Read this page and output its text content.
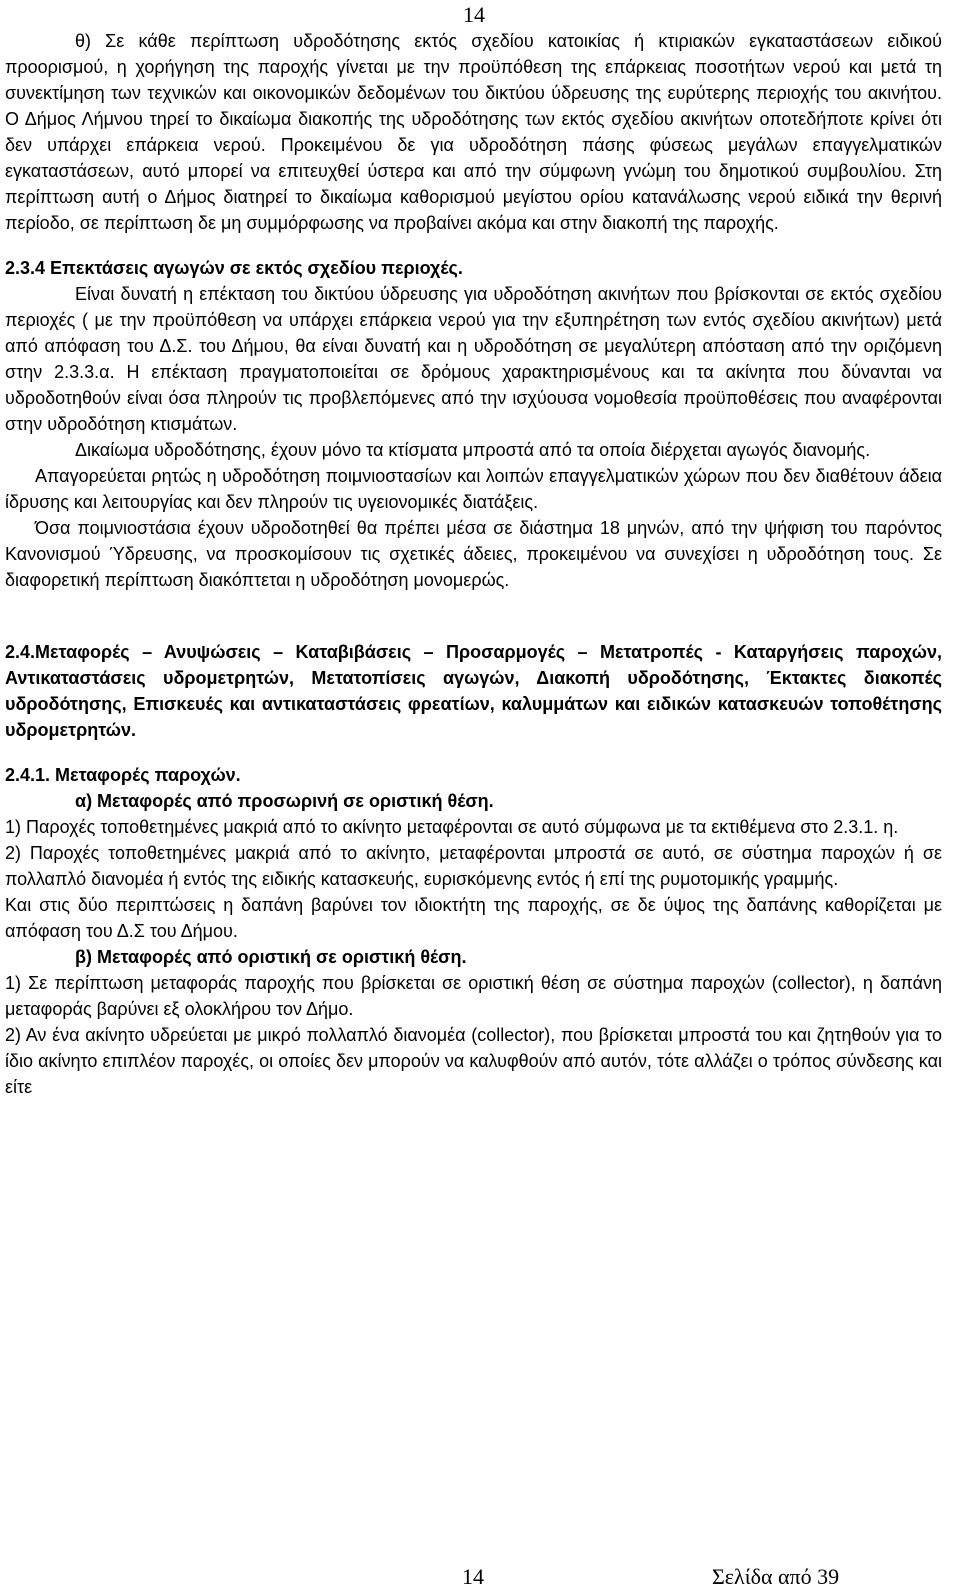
14

θ) Σε κάθε περίπτωση υδροδότησης εκτός σχεδίου κατοικίας ή κτιριακών εγκαταστάσεων ειδικού προορισμού, η χορήγηση της παροχής γίνεται με την προϋπόθεση της επάρκειας ποσοτήτων νερού και μετά τη συνεκτίμηση των τεχνικών και οικονομικών δεδομένων του δικτύου ύδρευσης της ευρύτερης περιοχής του ακινήτου. Ο Δήμος Λήμνου τηρεί το δικαίωμα διακοπής της υδροδότησης των εκτός σχεδίου ακινήτων οποτεδήποτε κρίνει ότι δεν υπάρχει επάρκεια νερού. Προκειμένου δε για υδροδότηση πάσης φύσεως μεγάλων επαγγελματικών εγκαταστάσεων, αυτό μπορεί να επιτευχθεί ύστερα και από την σύμφωνη γνώμη του δημοτικού συμβουλίου. Στη περίπτωση αυτή ο Δήμος διατηρεί το δικαίωμα καθορισμού μεγίστου ορίου κατανάλωσης νερού ειδικά την θερινή περίοδο, σε περίπτωση δε μη συμμόρφωσης να προβαίνει ακόμα και στην διακοπή της παροχής.

2.3.4 Επεκτάσεις αγωγών σε εκτός σχεδίου περιοχές.

Είναι δυνατή η επέκταση του δικτύου ύδρευσης για υδροδότηση ακινήτων που βρίσκονται σε εκτός σχεδίου περιοχές ( με την προϋπόθεση να υπάρχει επάρκεια νερού για την εξυπηρέτηση των εντός σχεδίου ακινήτων) μετά από απόφαση του Δ.Σ. του Δήμου, θα είναι δυνατή και η υδροδότηση σε μεγαλύτερη απόσταση από την οριζόμενη στην 2.3.3.α. Η επέκταση πραγματοποιείται σε δρόμους χαρακτηρισμένους και τα ακίνητα που δύνανται να υδροδοτηθούν είναι όσα πληρούν τις προβλεπόμενες από την ισχύουσα νομοθεσία προϋποθέσεις που αναφέρονται στην υδροδότηση κτισμάτων.

Δικαίωμα υδροδότησης, έχουν μόνο τα κτίσματα μπροστά από τα οποία διέρχεται αγωγός διανομής.

Απαγορεύεται ρητώς η υδροδότηση ποιμνιοστασίων και λοιπών επαγγελματικών χώρων που δεν διαθέτουν άδεια ίδρυσης και λειτουργίας και δεν πληρούν τις υγειονομικές διατάξεις.

Όσα ποιμνιοστάσια έχουν υδροδοτηθεί θα πρέπει μέσα σε διάστημα 18 μηνών, από την ψήφιση του παρόντος Κανονισμού Ύδρευσης, να προσκομίσουν τις σχετικές άδειες, προκειμένου να συνεχίσει η υδροδότηση τους. Σε διαφορετική περίπτωση διακόπτεται η υδροδότηση μονομερώς.

2.4.Μεταφορές – Ανυψώσεις – Καταβιβάσεις – Προσαρμογές – Μετατροπές - Καταργήσεις παροχών, Αντικαταστάσεις υδρομετρητών, Μετατοπίσεις αγωγών, Διακοπή υδροδότησης, Έκτακτες διακοπές υδροδότησης, Επισκευές και αντικαταστάσεις φρεατίων, καλυμμάτων και ειδικών κατασκευών τοποθέτησης υδρομετρητών.

2.4.1. Μεταφορές παροχών.

α) Μεταφορές από προσωρινή σε οριστική θέση.

1) Παροχές τοποθετημένες μακριά από το ακίνητο μεταφέρονται σε αυτό σύμφωνα με τα εκτιθέμενα στο 2.3.1. η.

2) Παροχές τοποθετημένες μακριά από το ακίνητο, μεταφέρονται μπροστά σε αυτό, σε σύστημα παροχών ή σε πολλαπλό διανομέα ή εντός της ειδικής κατασκευής, ευρισκόμενης εντός ή επί της ρυμοτομικής γραμμής.

Και στις δύο περιπτώσεις η δαπάνη βαρύνει τον ιδιοκτήτη της παροχής, σε δε ύψος της δαπάνης καθορίζεται με απόφαση του Δ.Σ του Δήμου.

β) Μεταφορές από οριστική σε οριστική θέση.

1) Σε περίπτωση μεταφοράς παροχής που βρίσκεται σε οριστική θέση σε σύστημα παροχών (collector), η δαπάνη μεταφοράς βαρύνει εξ ολοκλήρου τον Δήμο.

2) Αν ένα ακίνητο υδρεύεται με μικρό πολλαπλό διανομέα (collector), που βρίσκεται μπροστά του και ζητηθούν για το ίδιο ακίνητο επιπλέον παροχές, οι οποίες δεν μπορούν να καλυφθούν από αυτόν, τότε αλλάζει ο τρόπος σύνδεσης και είτε

14	Σελίδα από 39
